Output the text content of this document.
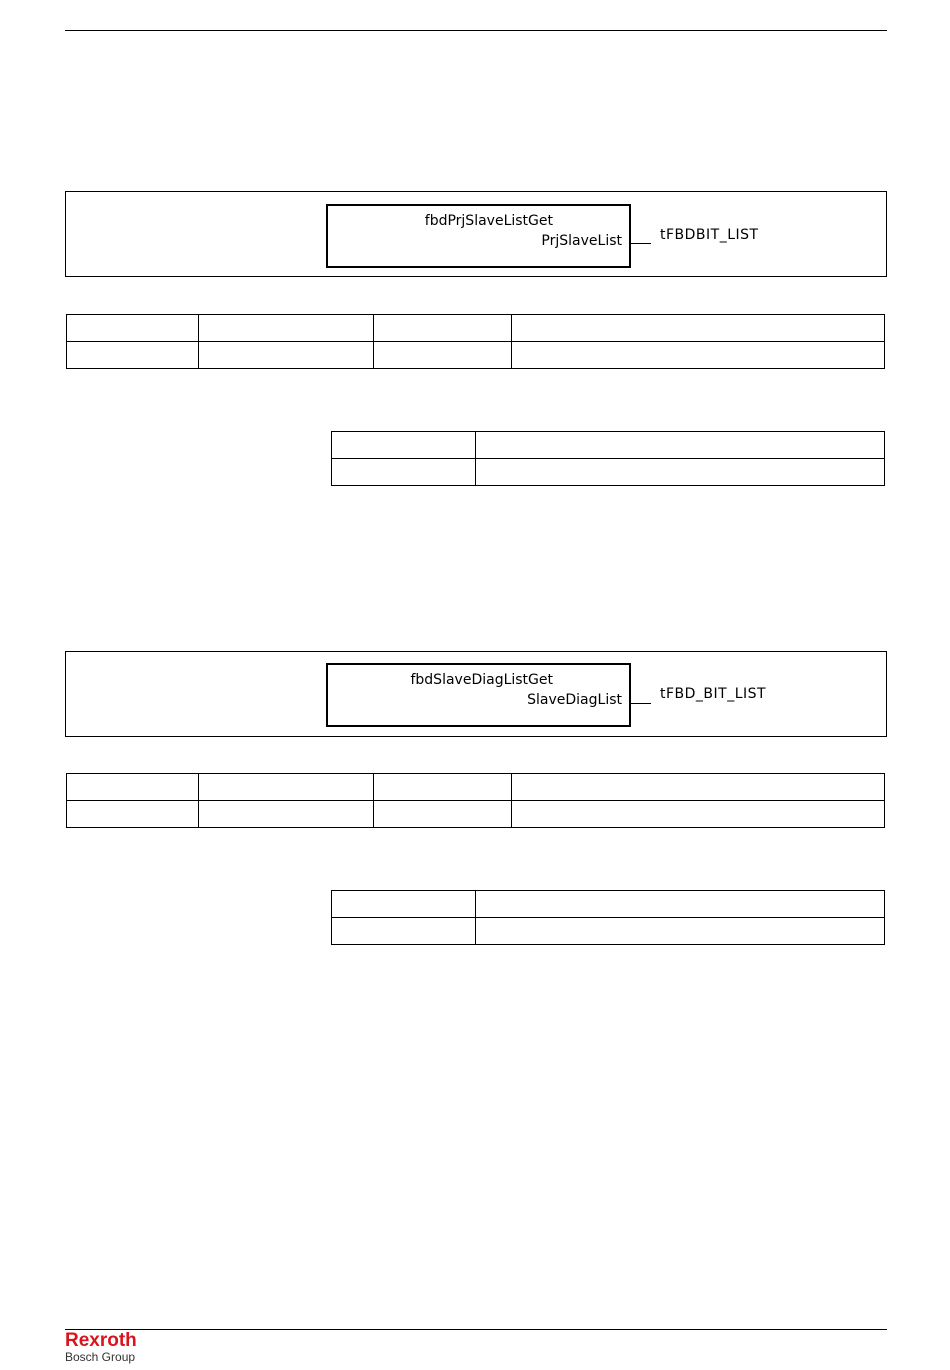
fbdPrjSlaveListGet
PrjSlaveList	tFBDBIT_LIST

fbdSlaveDiagListGet
SlaveDiagList	tFBD_BIT_LIST

Rexroth
Bosch Group
